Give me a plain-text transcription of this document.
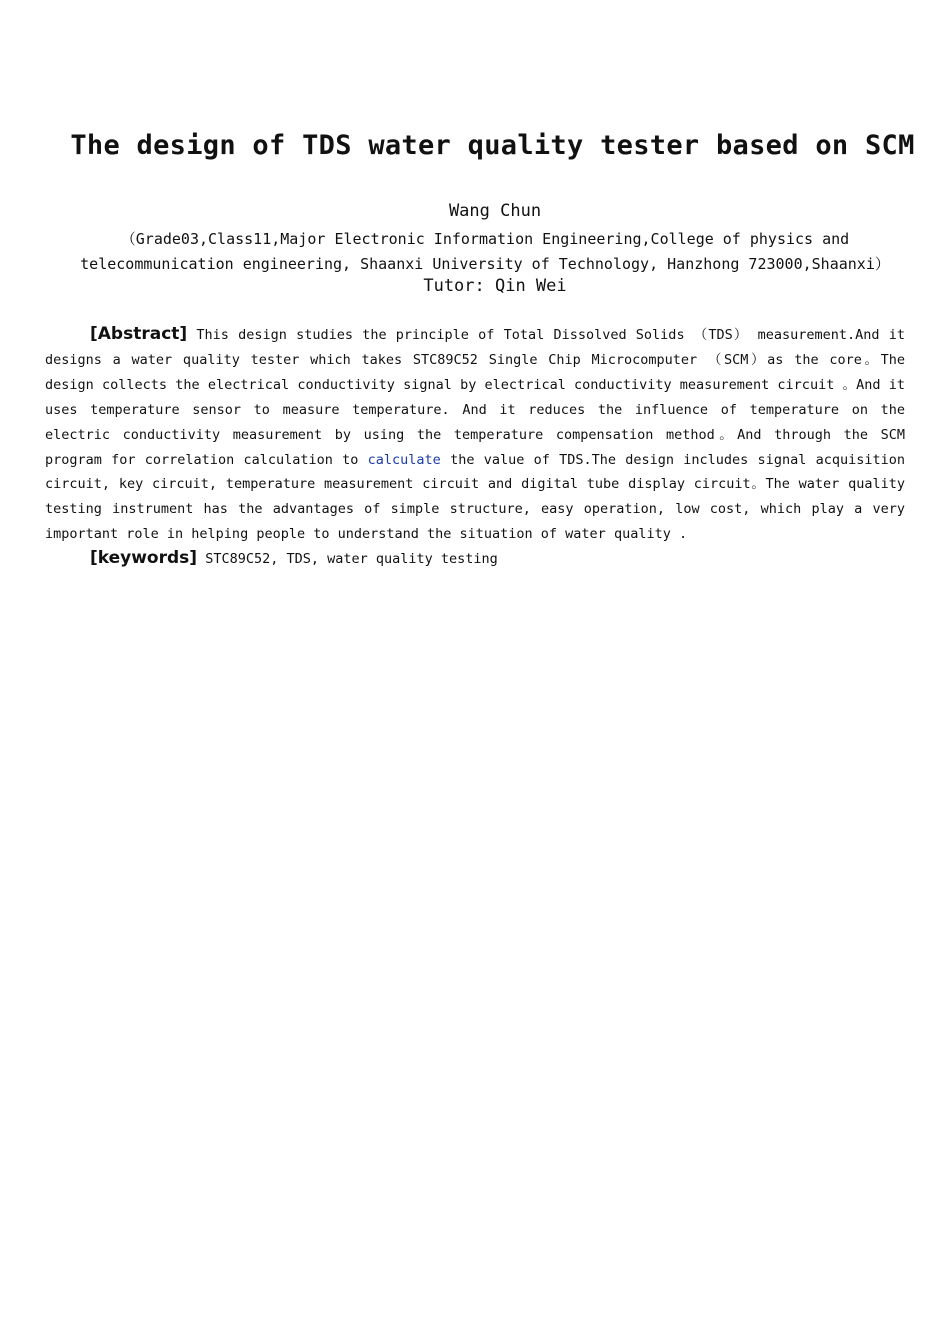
The design of TDS water quality tester based on SCM
Wang Chun
（Grade03,Class11,Major Electronic Information Engineering,College of physics and
telecommunication engineering, Shaanxi University of Technology, Hanzhong 723000,Shaanxi）
Tutor: Qin Wei

[Abstract] This design studies the principle of Total Dissolved Solids （TDS） measurement.And it designs a water quality tester which takes STC89C52 Single Chip Microcomputer （SCM）as the core。The design collects the electrical conductivity signal by electrical conductivity measurement circuit 。And it uses temperature sensor to measure temperature. And it reduces the influence of temperature on the electric conductivity measurement by using the temperature compensation method。And through the SCM program for correlation calculation to calculate the value of TDS.The design includes signal acquisition circuit, key circuit, temperature measurement circuit and digital tube display circuit。The water quality testing instrument has the advantages of simple structure, easy operation, low cost, which play a very important role in helping people to understand the situation of water quality .

[keywords] STC89C52, TDS, water quality testing
